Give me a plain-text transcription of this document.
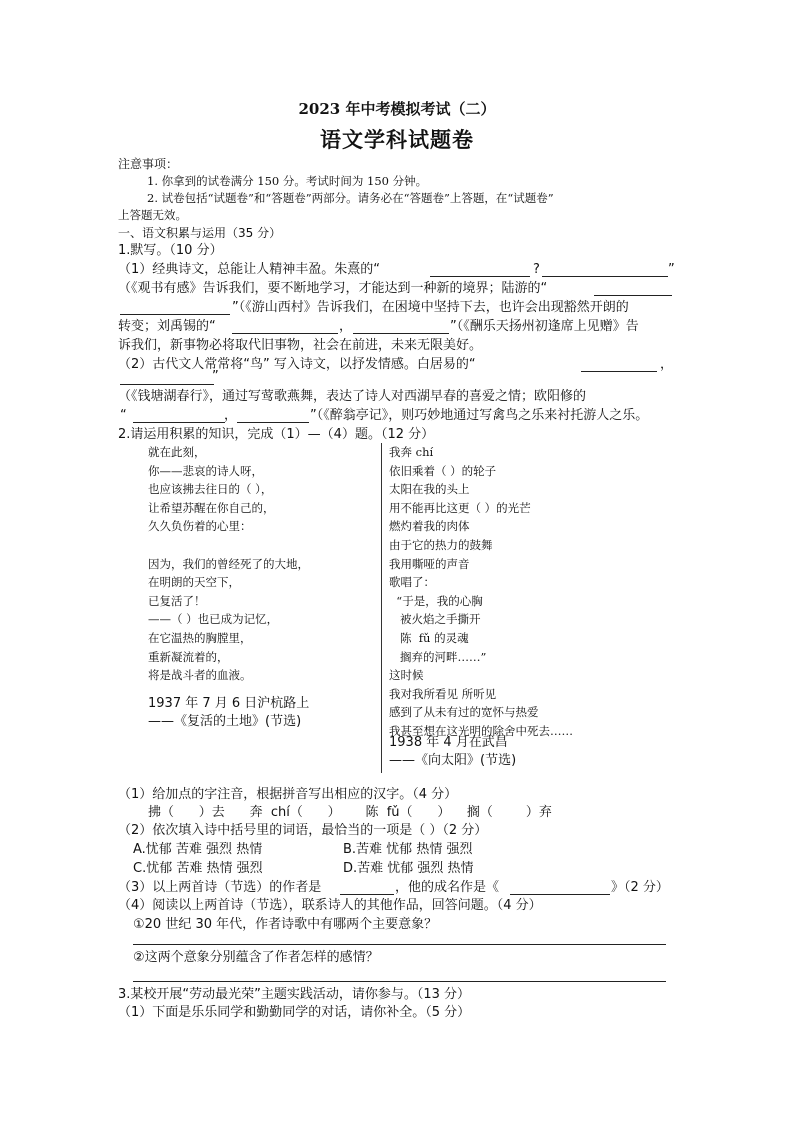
2023 年中考模拟考试（二）
语文学科试题卷
注意事项：
1. 你拿到的试卷满分 150 分。考试时间为 150 分钟。
2. 试卷包括“试题卷”和“答题卷”两部分。请务必在“答题卷”上答题，在“试题卷”
上答题无效。
一、语文积累与运用（35 分）
1.默写。（10 分）
（1）经典诗文，总能让人精神丰盈。朱熹的“	?	”
（《观书有感》告诉我们，要不断地学习，才能达到一种新的境界；陆游的“
”（《游山西村》告诉我们，在困境中坚持下去，也许会出现豁然开朗的
转变；刘禹锡的“	，	”（《酬乐天扬州初逢席上见赠》告
诉我们，新事物必将取代旧事物，社会在前进，未来无限美好。
（2）古代文人常常将“鸟” 写入诗文，以抒发情感。白居易的“	，
”
（《钱塘湖春行》，通过写莺歌燕舞，表达了诗人对西湖早春的喜爱之情；欧阳修的
“	，	”（《醉翁亭记》，则巧妙地通过写禽鸟之乐来衬托游人之乐。
2.请运用积累的知识，完成（1）—（4）题。（12 分）
就在此刻，
你——悲哀的诗人呀，
也应该拂去往日的（ ），
让希望苏醒在你自己的，
久久负伤着的心里：
因为，我们的曾经死了的大地，
在明朗的天空下，
已复活了！
——（ ）也已成为记忆，
在它温热的胸膛里，
重新凝流着的，
将是战斗者的血液。
1937 年 7 月 6 日沪杭路上
——《复活的土地》(节选)
我奔 chí
依旧乘着（ ）的轮子
太阳在我的头上
用不能再比这更（ ）的光芒
燃灼着我的肉体
由于它的热力的鼓舞
我用嘶哑的声音
歌唱了：
“于是，我的心胸
被火焰之手撕开
陈  fǔ 的灵魂
搁弃的河畔……”
这时候
我对我所看见 所听见
感到了从未有过的宽怀与热爱
我甚至想在这光明的除舍中死去……
1938 年 4 月在武昌
——《向太阳》(节选)
（1）给加点的字注音，根据拼音写出相应的汉字。（4 分）
拂（      ）去      奔  chí（      ）      陈  fǔ（      ）    搁（        ）弃
（2）依次填入诗中括号里的词语，最恰当的一项是（ ）（2 分）
A.忧郁 苦难 强烈 热情	B.苦难 忧郁 热情 强烈
C.忧郁 苦难 热情 强烈	D.苦难 忧郁 强烈 热情
（3）以上两首诗（节选）的作者是	，他的成名作是《	》（2 分）
（4）阅读以上两首诗（节选），联系诗人的其他作品，回答问题。（4 分）
①20 世纪 30 年代，作者诗歌中有哪两个主要意象？
②这两个意象分别蕴含了作者怎样的感情？
3.某校开展“劳动最光荣”主题实践活动，请你参与。（13 分）
（1）下面是乐乐同学和勤勤同学的对话，请你补全。（5 分）
